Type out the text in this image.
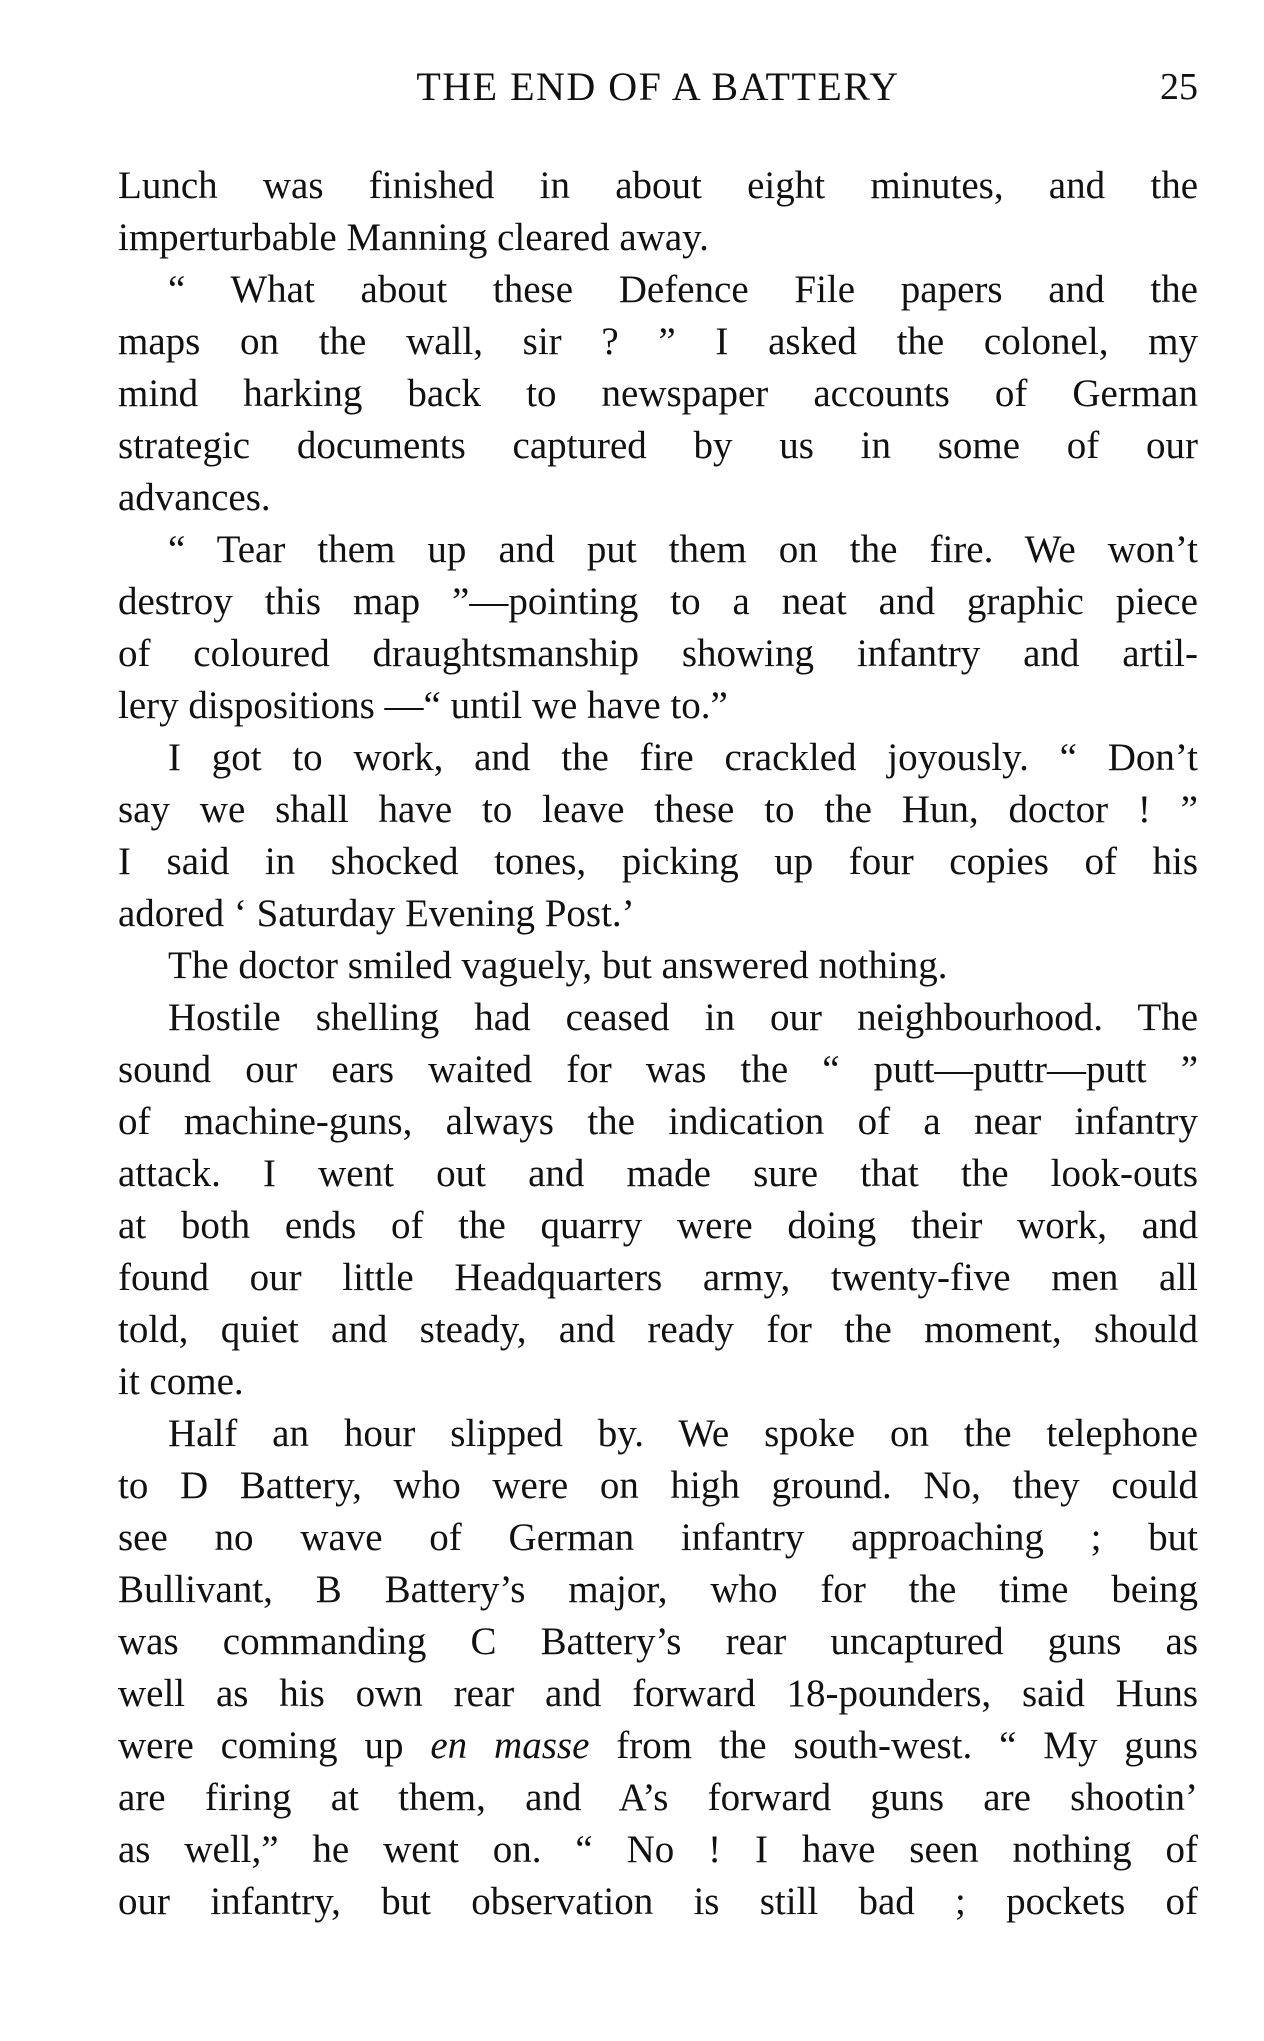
THE END OF A BATTERY	25
Lunch was finished in about eight minutes, and the
imperturbable Manning cleared away.
“ What about these Defence File papers and the
maps on the wall, sir ? ” I asked the colonel, my
mind harking back to newspaper accounts of German
strategic documents captured by us in some of our
advances.
“ Tear them up and put them on the fire. We won’t
destroy this map ”—pointing to a neat and graphic piece
of coloured draughtsmanship showing infantry and artil-
lery dispositions —“ until we have to.”
I got to work, and the fire crackled joyously. “ Don’t
say we shall have to leave these to the Hun, doctor ! ”
I said in shocked tones, picking up four copies of his
adored ‘ Saturday Evening Post.’
The doctor smiled vaguely, but answered nothing.
Hostile shelling had ceased in our neighbourhood. The
sound our ears waited for was the “ putt—puttr—putt ”
of machine-guns, always the indication of a near infantry
attack. I went out and made sure that the look-outs
at both ends of the quarry were doing their work, and
found our little Headquarters army, twenty-five men all
told, quiet and steady, and ready for the moment, should
it come.
Half an hour slipped by. We spoke on the telephone
to D Battery, who were on high ground. No, they could
see no wave of German infantry approaching ; but
Bullivant, B Battery’s major, who for the time being
was commanding C Battery’s rear uncaptured guns as
well as his own rear and forward 18-pounders, said Huns
were coming up en masse from the south-west. “ My guns
are firing at them, and A’s forward guns are shootin’
as well,” he went on. “ No ! I have seen nothing of
our infantry, but observation is still bad ; pockets of
